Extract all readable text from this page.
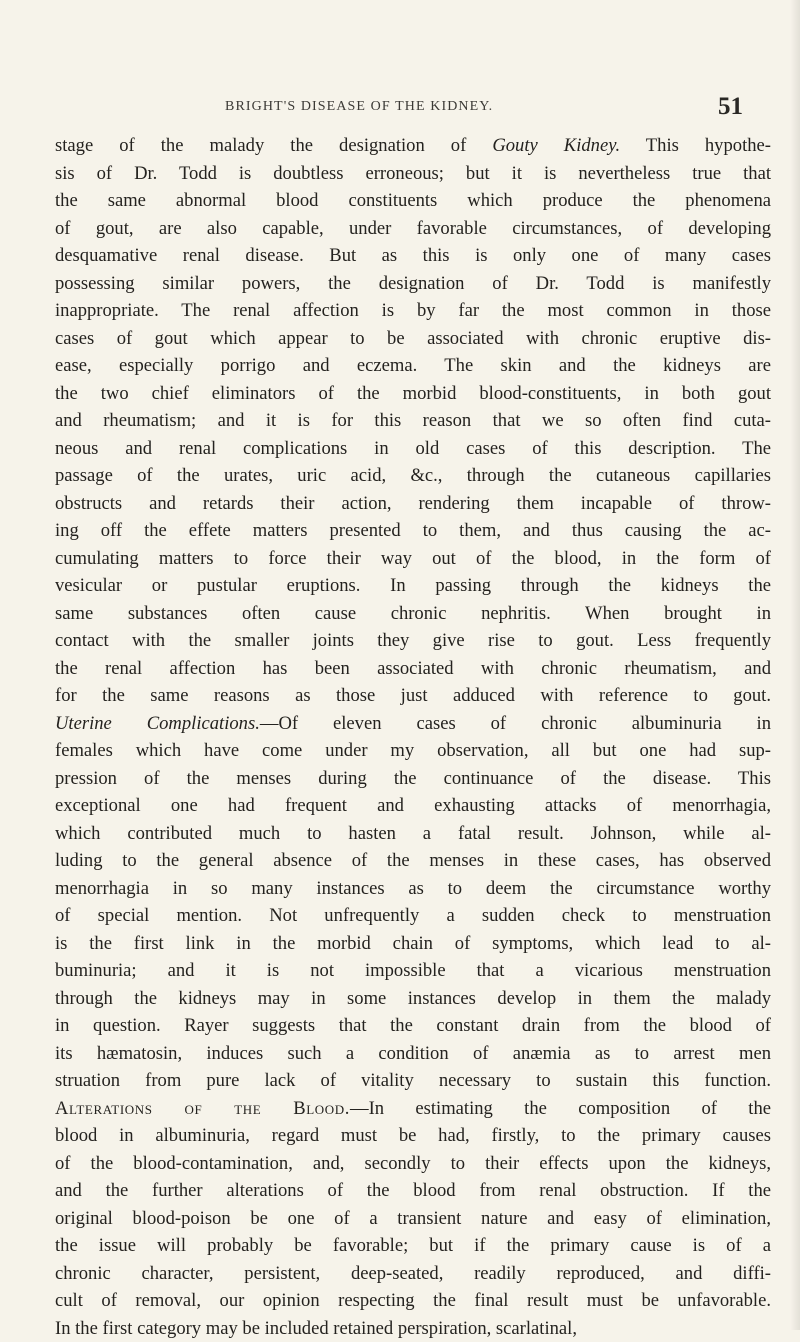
BRIGHT'S DISEASE OF THE KIDNEY.	51
stage of the malady the designation of Gouty Kidney. This hypothe-
sis of Dr. Todd is doubtless erroneous; but it is nevertheless true that
the same abnormal blood constituents which produce the phenomena
of gout, are also capable, under favorable circumstances, of developing
desquamative renal disease. But as this is only one of many cases
possessing similar powers, the designation of Dr. Todd is manifestly
inappropriate. The renal affection is by far the most common in those
cases of gout which appear to be associated with chronic eruptive dis-
ease, especially porrigo and eczema. The skin and the kidneys are
the two chief eliminators of the morbid blood-constituents, in both gout
and rheumatism; and it is for this reason that we so often find cuta-
neous and renal complications in old cases of this description. The
passage of the urates, uric acid, &c., through the cutaneous capillaries
obstructs and retards their action, rendering them incapable of throw-
ing off the effete matters presented to them, and thus causing the ac-
cumulating matters to force their way out of the blood, in the form of
vesicular or pustular eruptions. In passing through the kidneys the
same substances often cause chronic nephritis. When brought in
contact with the smaller joints they give rise to gout. Less frequently
the renal affection has been associated with chronic rheumatism, and
for the same reasons as those just adduced with reference to gout.
Uterine Complications.—Of eleven cases of chronic albuminuria in
females which have come under my observation, all but one had sup-
pression of the menses during the continuance of the disease. This
exceptional one had frequent and exhausting attacks of menorrhagia,
which contributed much to hasten a fatal result. Johnson, while al-
luding to the general absence of the menses in these cases, has observed
menorrhagia in so many instances as to deem the circumstance worthy
of special mention. Not unfrequently a sudden check to menstruation
is the first link in the morbid chain of symptoms, which lead to al-
buminuria; and it is not impossible that a vicarious menstruation
through the kidneys may in some instances develop in them the malady
in question. Rayer suggests that the constant drain from the blood of
its hæmatosin, induces such a condition of anæmia as to arrest men
struation from pure lack of vitality necessary to sustain this function.
Alterations of the Blood.—In estimating the composition of the
blood in albuminuria, regard must be had, firstly, to the primary causes
of the blood-contamination, and, secondly to their effects upon the kidneys,
and the further alterations of the blood from renal obstruction. If the
original blood-poison be one of a transient nature and easy of elimination,
the issue will probably be favorable; but if the primary cause is of a
chronic character, persistent, deep-seated, readily reproduced, and diffi-
cult of removal, our opinion respecting the final result must be unfavorable.
In the first category may be included retained perspiration, scarlatinal,
